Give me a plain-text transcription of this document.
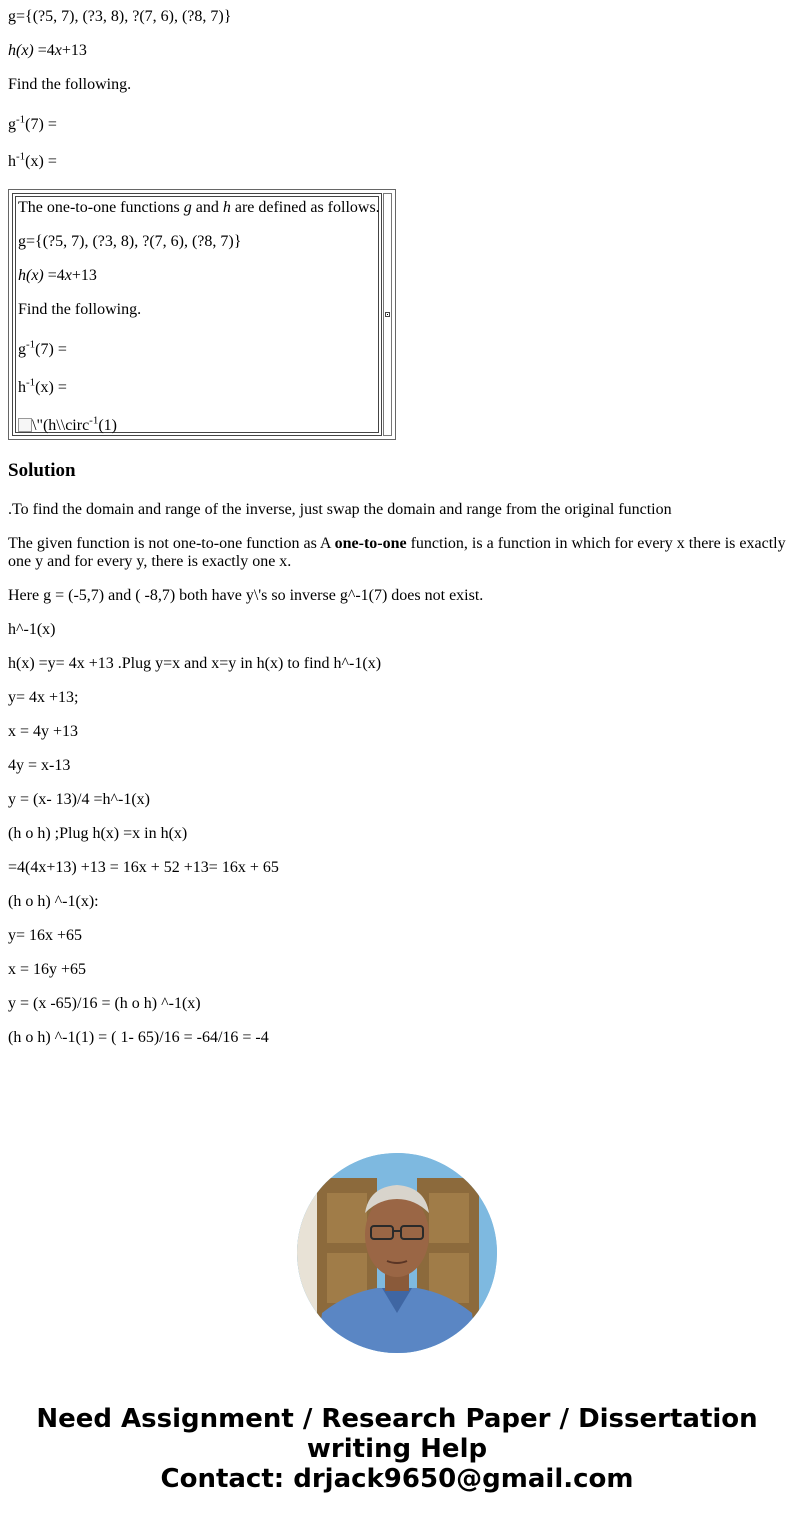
g={(?5, 7), (?3, 8), ?(7, 6), (?8, 7)}

h(x) =4x+13

Find the following.

$g^{-1}(7)$ =

$h^{-1}(x)$ =

The one-to-one functions g and h are defined as follows.

g={(?5, 7), (?3, 8), ?(7, 6), (?8, 7)}

h(x) =4x+13

Find the following.

$g^{-1}(7)$ =

$h^{-1}(x)$ =

\"(h\\circ$^{-1}$(1)

Solution

.To find the domain and range of the inverse, just swap the domain and range from the original function

The given function is not one-to-one function as A one-to-one function, is a function in which for every x there is exactly
one y and for every y, there is exactly one x.

Here g = (-5,7) and ( -8,7) both have y\'s so inverse g^-1(7) does not exist.

h^-1(x)

h(x) =y= 4x +13 .Plug y=x and x=y in h(x) to find h^-1(x)

y= 4x +13;

x = 4y +13

4y = x-13

y = (x- 13)/4 =h^-1(x)

(h o h) ;Plug h(x) =x in h(x)

=4(4x+13) +13 = 16x + 52 +13= 16x + 65

(h o h) ^-1(x):

y= 16x +65

x = 16y +65

y = (x -65)/16 = (h o h) ^-1(x)

(h o h) ^-1(1) = ( 1- 65)/16 = -64/16 = -4

Need Assignment / Research Paper / Dissertation
writing Help
Contact: drjack9650@gmail.com
